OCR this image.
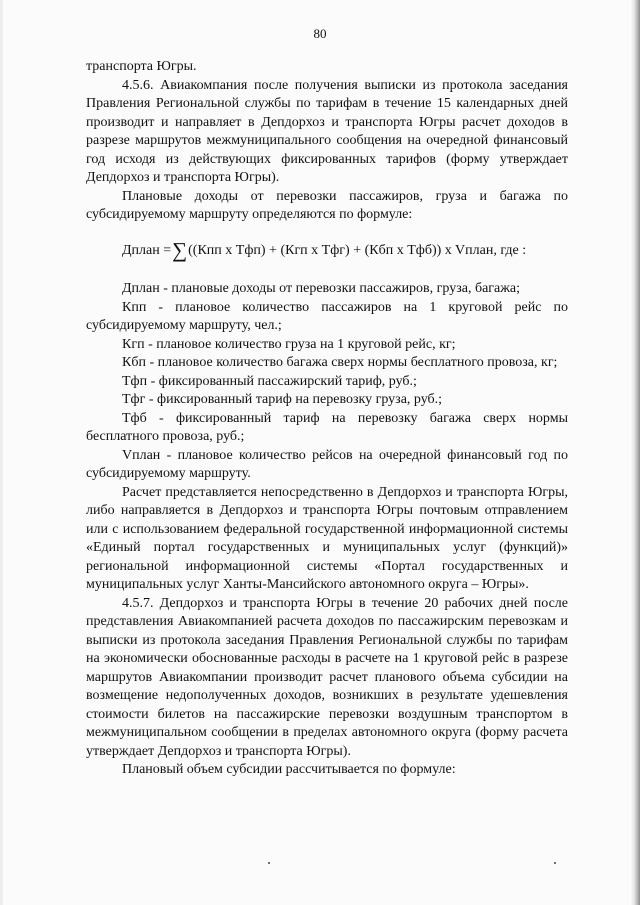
80

транспорта Югры.

4.5.6. Авиакомпания после получения выписки из протокола заседания Правления Региональной службы по тарифам в течение 15 календарных дней производит и направляет в Депдорхоз и транспорта Югры расчет доходов в разрезе маршрутов межмуниципального сообщения на очередной финансовый год исходя из действующих фиксированных тарифов (форму утверждает Депдорхоз и транспорта Югры).

Плановые доходы от перевозки пассажиров, груза и багажа по субсидируемому маршруту определяются по формуле:

Дплан =∑((Кпп x Тфп) + (Кгп x Тфг) + (Кбп x Тфб)) x Vплан, где :

Дплан - плановые доходы от перевозки пассажиров, груза, багажа;

Кпп - плановое количество пассажиров на 1 круговой рейс по субсидируемому маршруту, чел.;

Кгп - плановое количество груза на 1 круговой рейс, кг;

Кбп - плановое количество багажа сверх нормы бесплатного провоза, кг;

Тфп - фиксированный пассажирский тариф, руб.;

Тфг - фиксированный тариф на перевозку груза, руб.;

Тфб - фиксированный тариф на перевозку багажа сверх нормы бесплатного провоза, руб.;

Vплан - плановое количество рейсов на очередной финансовый год по субсидируемому маршруту.

Расчет представляется непосредственно в Депдорхоз и транспорта Югры, либо направляется в Депдорхоз и транспорта Югры почтовым отправлением или с использованием федеральной государственной информационной системы «Единый портал государственных и муниципальных услуг (функций)» региональной информационной системы «Портал государственных и муниципальных услуг Ханты-Мансийского автономного округа – Югры».

4.5.7. Депдорхоз и транспорта Югры в течение 20 рабочих дней после представления Авиакомпанией расчета доходов по пассажирским перевозкам и выписки из протокола заседания Правления Региональной службы по тарифам на экономически обоснованные расходы в расчете на 1 круговой рейс в разрезе маршрутов Авиакомпании производит расчет планового объема субсидии на возмещение недополученных доходов, возникших в результате удешевления стоимости билетов на пассажирские перевозки воздушным транспортом в межмуниципальном сообщении в пределах автономного округа (форму расчета утверждает Депдорхоз и транспорта Югры).

Плановый объем субсидии рассчитывается по формуле:
